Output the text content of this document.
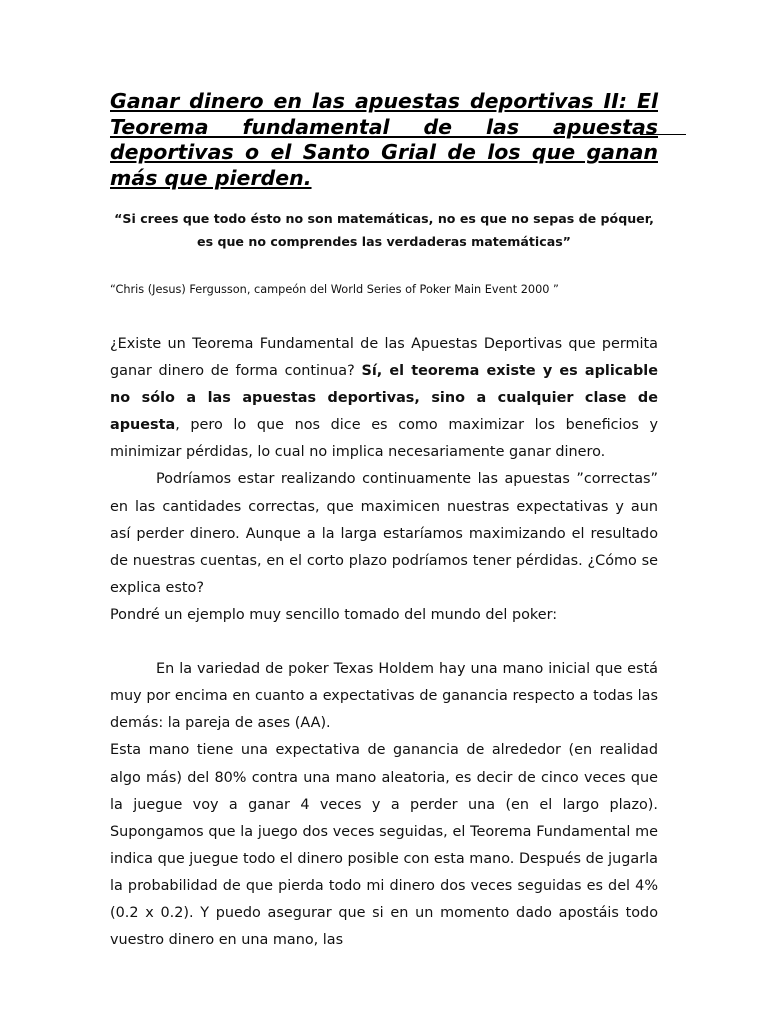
Ganar dinero en las apuestas deportivas II: El Teorema fundamental de las apuestas deportivas o el Santo Grial de los que ganan más que pierden.

“Si crees que todo ésto no son matemáticas, no es que no sepas de póquer,
es que no comprendes las verdaderas matemáticas”

“Chris (Jesus) Fergusson, campeón del World Series of Poker Main Event 2000 ”

¿Existe un Teorema Fundamental de las Apuestas Deportivas que permita ganar dinero de forma continua? Sí, el teorema existe y es aplicable no sólo a las apuestas deportivas, sino a cualquier clase de apuesta, pero lo que nos dice es como maximizar los beneficios y minimizar pérdidas, lo cual no implica necesariamente ganar dinero.

Podríamos estar realizando continuamente las apuestas ”correctas” en las cantidades correctas, que maximicen nuestras expectativas y aun así perder dinero. Aunque a la larga estaríamos maximizando el resultado de nuestras cuentas, en el corto plazo podríamos tener pérdidas. ¿Cómo se explica esto?

Pondré un ejemplo muy sencillo tomado del mundo del poker:

En la variedad de poker Texas Holdem hay una mano inicial que está muy por encima en cuanto a expectativas de ganancia respecto a todas las demás: la pareja de ases (AA).

Esta mano tiene una expectativa de ganancia de alrededor (en realidad algo más) del 80% contra una mano aleatoria, es decir de cinco veces que la juegue voy a ganar 4 veces y a perder una (en el largo plazo). Supongamos que la juego dos veces seguidas, el Teorema Fundamental me indica que juegue todo el dinero posible con esta mano. Después de jugarla la probabilidad de que pierda todo mi dinero dos veces seguidas es del 4% (0.2 x 0.2). Y puedo asegurar que si en un momento dado apostáis todo vuestro dinero en una mano, las
